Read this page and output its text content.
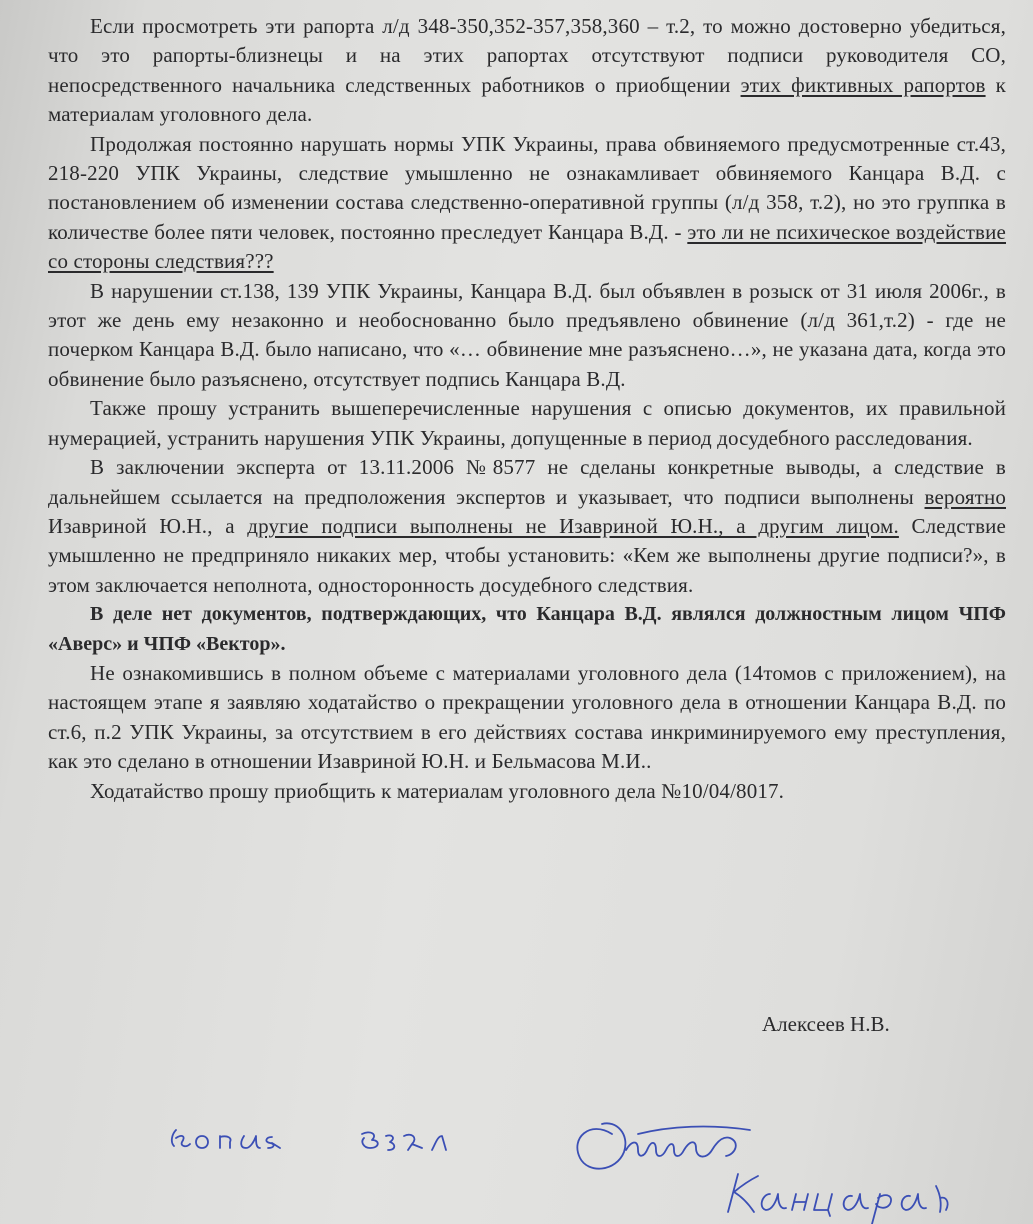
Если просмотреть эти рапорта л/д 348-350,352-357,358,360 – т.2, то можно достоверно убедиться, что это рапорты-близнецы и на этих рапортах отсутствуют подписи руководителя СО, непосредственного начальника следственных работников о приобщении этих фиктивных рапортов к материалам уголовного дела.

Продолжая постоянно нарушать нормы УПК Украины, права обвиняемого предусмотренные ст.43, 218-220 УПК Украины, следствие умышленно не ознакамливает обвиняемого Канцара В.Д. с постановлением об изменении состава следственно-оперативной группы (л/д 358, т.2), но это группка в количестве более пяти человек, постоянно преследует Канцара В.Д. - это ли не психическое воздействие со стороны следствия???

В нарушении ст.138, 139 УПК Украины, Канцара В.Д. был объявлен в розыск от 31 июля 2006г., в этот же день ему незаконно и необоснованно было предъявлено обвинение (л/д 361,т.2) - где не почерком Канцара В.Д. было написано, что «… обвинение мне разъяснено…», не указана дата, когда это обвинение было разъяснено, отсутствует подпись Канцара В.Д.

Также прошу устранить вышеперечисленные нарушения с описью документов, их правильной нумерацией, устранить нарушения УПК Украины, допущенные в период досудебного расследования.

В заключении эксперта от 13.11.2006 №8577 не сделаны конкретные выводы, а следствие в дальнейшем ссылается на предположения экспертов и указывает, что подписи выполнены вероятно Изавриной Ю.Н., а другие подписи выполнены не Изавриной Ю.Н., а другим лицом. Следствие умышленно не предприняло никаких мер, чтобы установить: «Кем же выполнены другие подписи?», в этом заключается неполнота, односторонность досудебного следствия.

В деле нет документов, подтверждающих, что Канцара В.Д. являлся должностным лицом ЧПФ «Аверс» и ЧПФ «Вектор».

Не ознакомившись в полном объеме с материалами уголовного дела (14томов с приложением), на настоящем этапе я заявляю ходатайство о прекращении уголовного дела в отношении Канцара В.Д. по ст.6, п.2 УПК Украины, за отсутствием в его действиях состава инкриминируемого ему преступления, как это сделано в отношении Изавриной Ю.Н. и Бельмасова М.И..

Ходатайство прошу приобщить к материалам уголовного дела №10/04/8017.

Алексеев Н.В.
копия взял
Канцара
